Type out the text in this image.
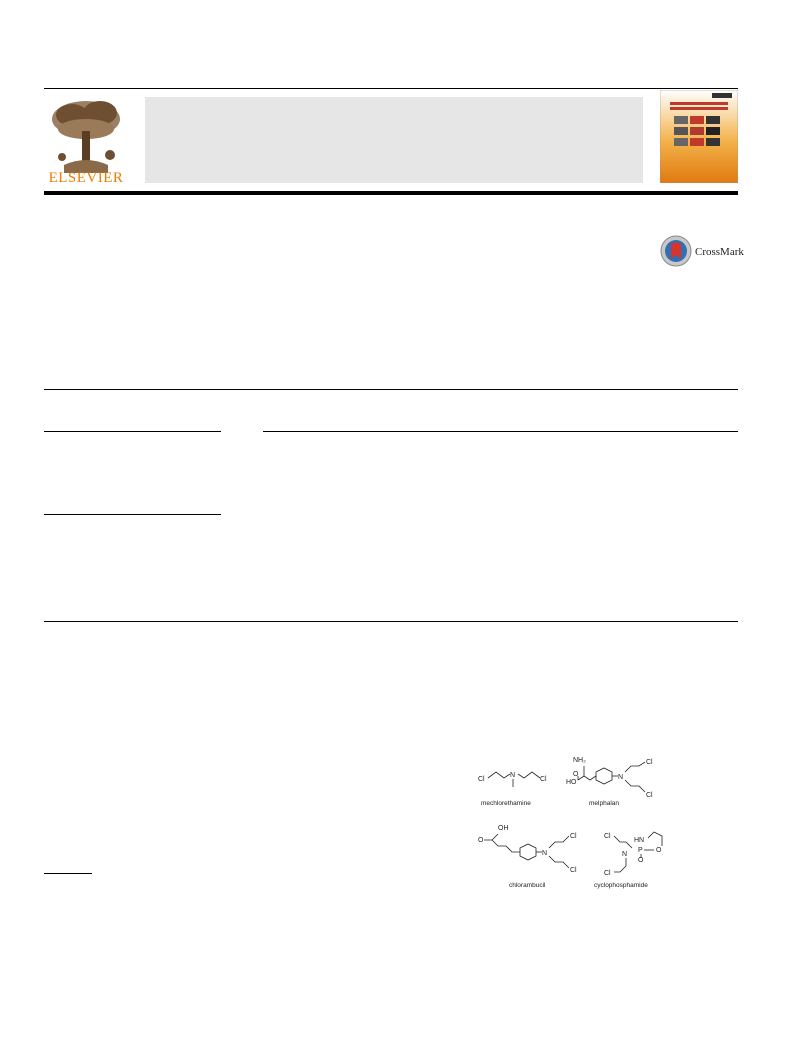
ELSEVIER
CrossMark
Cl
N
Cl
NH₂
O
HO
N
Cl
Cl
OH
O
N
Cl
Cl
Cl
N
HN
P O
O
Cl
mechlorethamine	melphalan
chlorambucil	cyclophosphamide
